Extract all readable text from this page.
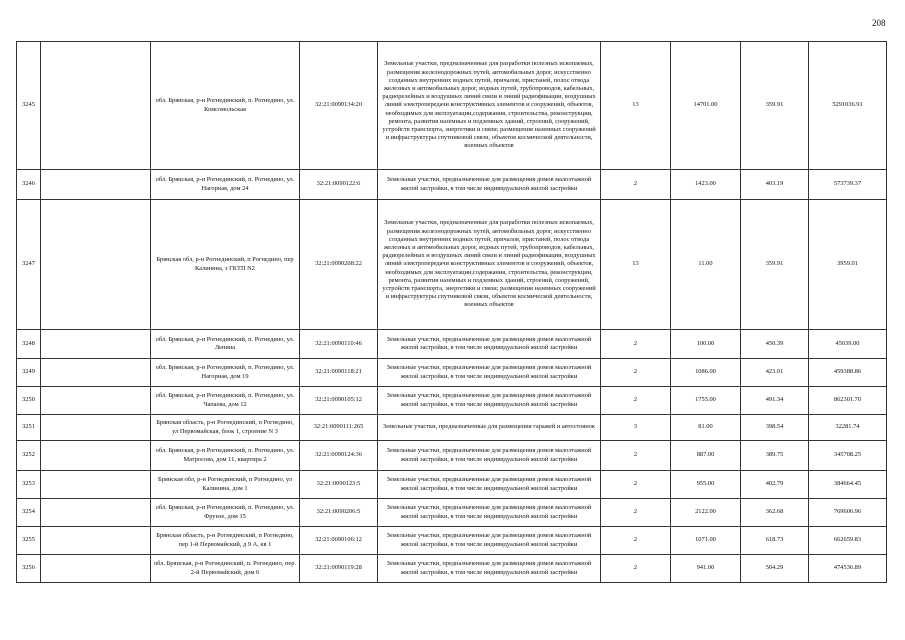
208
3245		обл. Брянская, р-н Рогнединский, п. Рогнедино, ул. Комсомольская	32:21:0090134:20	Земельные участки, предназначенные для разработки полезных ископаемых, размещения железнодорожных путей, автомобильных дорог, искусственно созданных внутренних водных путей, причалов, пристаней, полос отвода железных и автомобильных дорог, водных путей, трубопроводов, кабельных, радиорелейных и воздушных линий связи и линий радиофикации, воздушных линий электропередачи конструктивных элементов и сооружений, объектов, необходимых для эксплуатации,содержания, строительства, реконструкции, ремонта, развития наземных и подземных зданий, строений, сооружений, устройств транспорта, энергетики и связи; размещения наземных сооружений и инфраструктуры спутниковой связи, объектов космической деятельности, военных объектов	13	14701.00	359.91	5291036.91
3246		обл. Брянская, р-н Рогнединский, п. Рогнедино, ул. Нагорная, дом 24	32:21:0090122:6	Земельные участки, предназначенные для размещения домов малоэтажной жилой застройки, в том числе индивидуальной жилой застройки	2	1423.00	403.19	573739.37
3247		Брянская обл, р-н Рогнединский, п Рогнедино, пер Калинина, з ГКТП N2	32:21:0090208:22	Земельные участки, предназначенные для разработки полезных ископаемых, размещения железнодорожных путей, автомобильных дорог, искусственно созданных внутренних водных путей, причалов, пристаней, полос отвода железных и автомобильных дорог, водных путей, трубопроводов, кабельных, радиорелейных и воздушных линий связи и линий радиофикации, воздушных линий электропередачи конструктивных элементов и сооружений, объектов, необходимых для эксплуатации,содержания, строительства, реконструкции, ремонта, развития наземных и подземных зданий, строений, сооружений, устройств транспорта, энергетики и связи; размещения наземных сооружений и инфраструктуры спутниковой связи, объектов космической деятельности, военных объектов	13	11.00	359.91	3959.01
3248		обл. Брянская, р-н Рогнединский, п. Рогнедино, ул. Ленина	32:21:0090110:46	Земельные участки, предназначенные для размещения домов малоэтажной жилой застройки, в том числе индивидуальной жилой застройки	2	100.00	450.39	45039.00
3249		обл. Брянская, р-н Рогнединский, п. Рогнедино, ул. Нагорная, дом 19	32:21:0090118:21	Земельные участки, предназначенные для размещения домов малоэтажной жилой застройки, в том числе индивидуальной жилой застройки	2	1086.00	423.01	459388.86
3250		обл. Брянская, р-н Рогнединский, п. Рогнедино, ул. Чапаева, дом 12	32:21:0090105:12	Земельные участки, предназначенные для размещения домов малоэтажной жилой застройки, в том числе индивидуальной жилой застройки	2	1755.00	491.34	862301.70
3251		Брянская область, р-н Рогнединский, п Рогнедино, ул Первомайская, блок 1, строение N 3	32:21:0090111:265	Земельные участки, предназначенные для размещения гаражей и автостоянок	3	81.00	398.54	32281.74
3252		обл. Брянская, р-н Рогнединский, п. Рогнедино, ул. Матросова, дом 11, квартира 2	32:21:0090124:36	Земельные участки, предназначенные для размещения домов малоэтажной жилой застройки, в том числе индивидуальной жилой застройки	2	887.00	389.75	345708.25
3253		Брянская обл, р-н Рогнединский, п Рогнедино, ул Калинина, дом 1	32:21:0090123:5	Земельные участки, предназначенные для размещения домов малоэтажной жилой застройки, в том числе индивидуальной жилой застройки	2	955.00	402.79	384664.45
3254		обл. Брянская, р-н Рогнединский, п. Рогнедино, ул. Фрунзе, дом 15	32:21:0090206:5	Земельные участки, предназначенные для размещения домов малоэтажной жилой застройки, в том числе индивидуальной жилой застройки	2	2122.00	362.68	769606.96
3255		Брянская область, р-н Рогнединский, п Рогнедино, пер 1-й Первомайский, д 9 А, кв 1	32:21:0090106:12	Земельные участки, предназначенные для размещения домов малоэтажной жилой застройки, в том числе индивидуальной жилой застройки	2	1071.00	618.73	662659.83
3256		обл. Брянская, р-н Рогнединский, п. Рогнедино, пер. 2-й Первомайский, дом 6	32:21:0090119:28	Земельные участки, предназначенные для размещения домов малоэтажной жилой застройки, в том числе индивидуальной жилой застройки	2	941.00	504.29	474536.89
